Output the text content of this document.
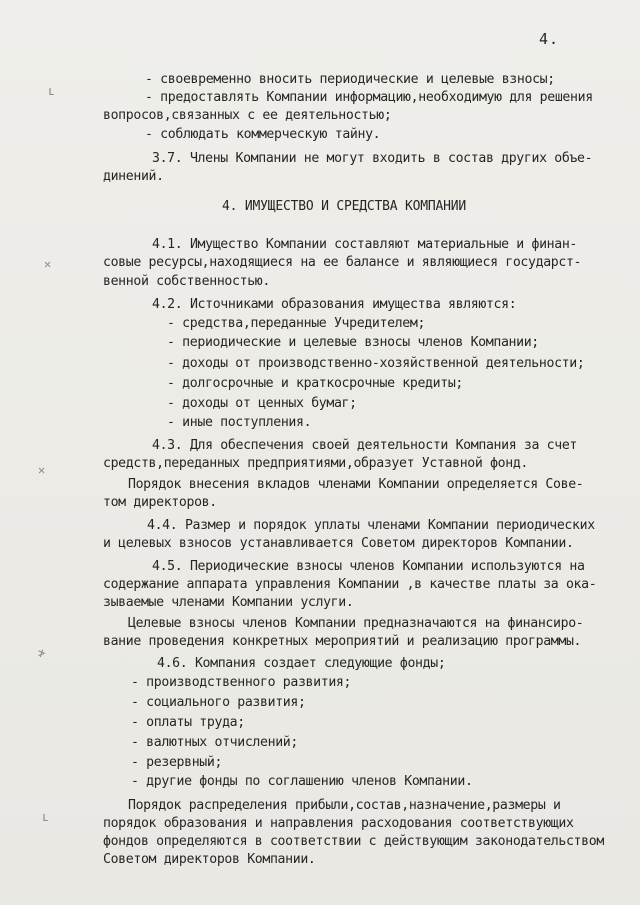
4.
ʟ
✕
✕
≯
ʟ
- своевременно вносить периодические и целевые взносы;
- предоставлять Компании информацию,необходимую для решения
вопросов,связанных с ее деятельностью;
- соблюдать коммерческую тайну.
3.7. Члены Компании не могут входить в состав других объе-
динений.
4. ИМУЩЕСТВО И СРЕДСТВА КОМПАНИИ
4.1. Имущество Компании составляют материальные и финан-
совые ресурсы,находящиеся на ее балансе и являющиеся государст-
венной собственностью.
4.2. Источниками образования имущества являются:
- средства,переданные Учредителем;
- периодические и целевые взносы членов Компании;
- доходы от производственно-хозяйственной деятельности;
- долгосрочные и краткосрочные кредиты;
- доходы от ценных бумаг;
- иные поступления.
4.3. Для обеспечения своей деятельности Компания за счет
средств,переданных предприятиями,образует Уставной фонд.
Порядок внесения вкладов членами Компании определяется Сове-
том директоров.
4.4. Размер и порядок уплаты членами Компании периодических
и целевых взносов устанавливается Советом директоров Компании.
4.5. Периодические взносы членов Компании используются на
содержание аппарата управления Компании ,в качестве платы за ока-
зываемые членами Компании услуги.
Целевые взносы членов Компании предназначаются на финансиро-
вание проведения конкретных мероприятий и реализацию программы.
4.6. Компания создает следующие фонды;
- производственного развития;
- социального развития;
- оплаты труда;
- валютных отчислений;
- резервный;
- другие фонды по соглашению членов Компании.
Порядок распределения прибыли,состав,назначение,размеры и
порядок образования и направления расходования соответствующих
фондов определяются в соответствии с действующим законодательством
Советом директоров Компании.
